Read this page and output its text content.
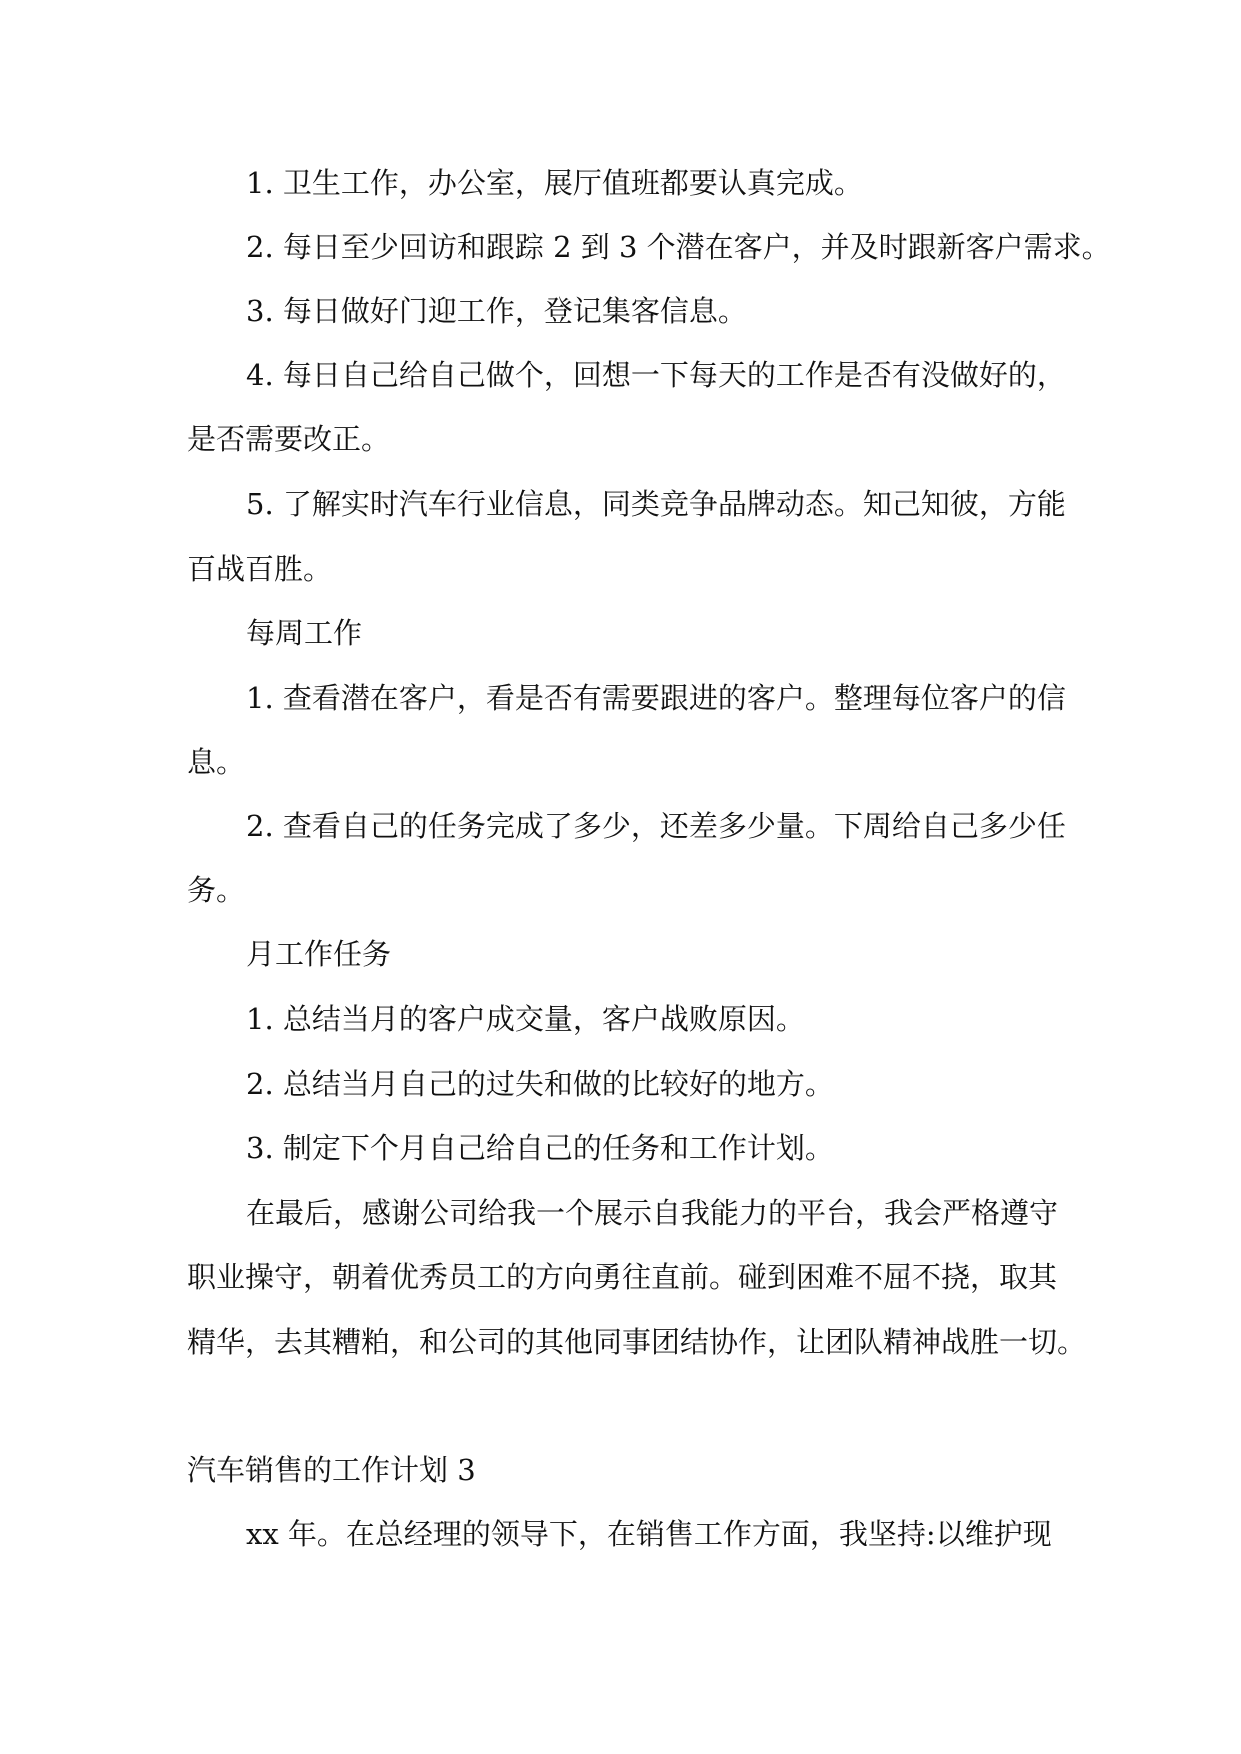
1. 卫生工作，办公室，展厅值班都要认真完成。

2. 每日至少回访和跟踪 2 到 3 个潜在客户，并及时跟新客户需求。

3. 每日做好门迎工作，登记集客信息。

4. 每日自己给自己做个，回想一下每天的工作是否有没做好的，

是否需要改正。

5. 了解实时汽车行业信息，同类竞争品牌动态。知己知彼，方能

百战百胜。

每周工作

1. 查看潜在客户，看是否有需要跟进的客户。整理每位客户的信

息。

2. 查看自己的任务完成了多少，还差多少量。下周给自己多少任

务。

月工作任务

1. 总结当月的客户成交量，客户战败原因。

2. 总结当月自己的过失和做的比较好的地方。

3. 制定下个月自己给自己的任务和工作计划。

在最后，感谢公司给我一个展示自我能力的平台，我会严格遵守

职业操守，朝着优秀员工的方向勇往直前。碰到困难不屈不挠，取其

精华，去其糟粕，和公司的其他同事团结协作，让团队精神战胜一切。

汽车销售的工作计划 3

xx 年。在总经理的领导下，在销售工作方面，我坚持:以维护现
